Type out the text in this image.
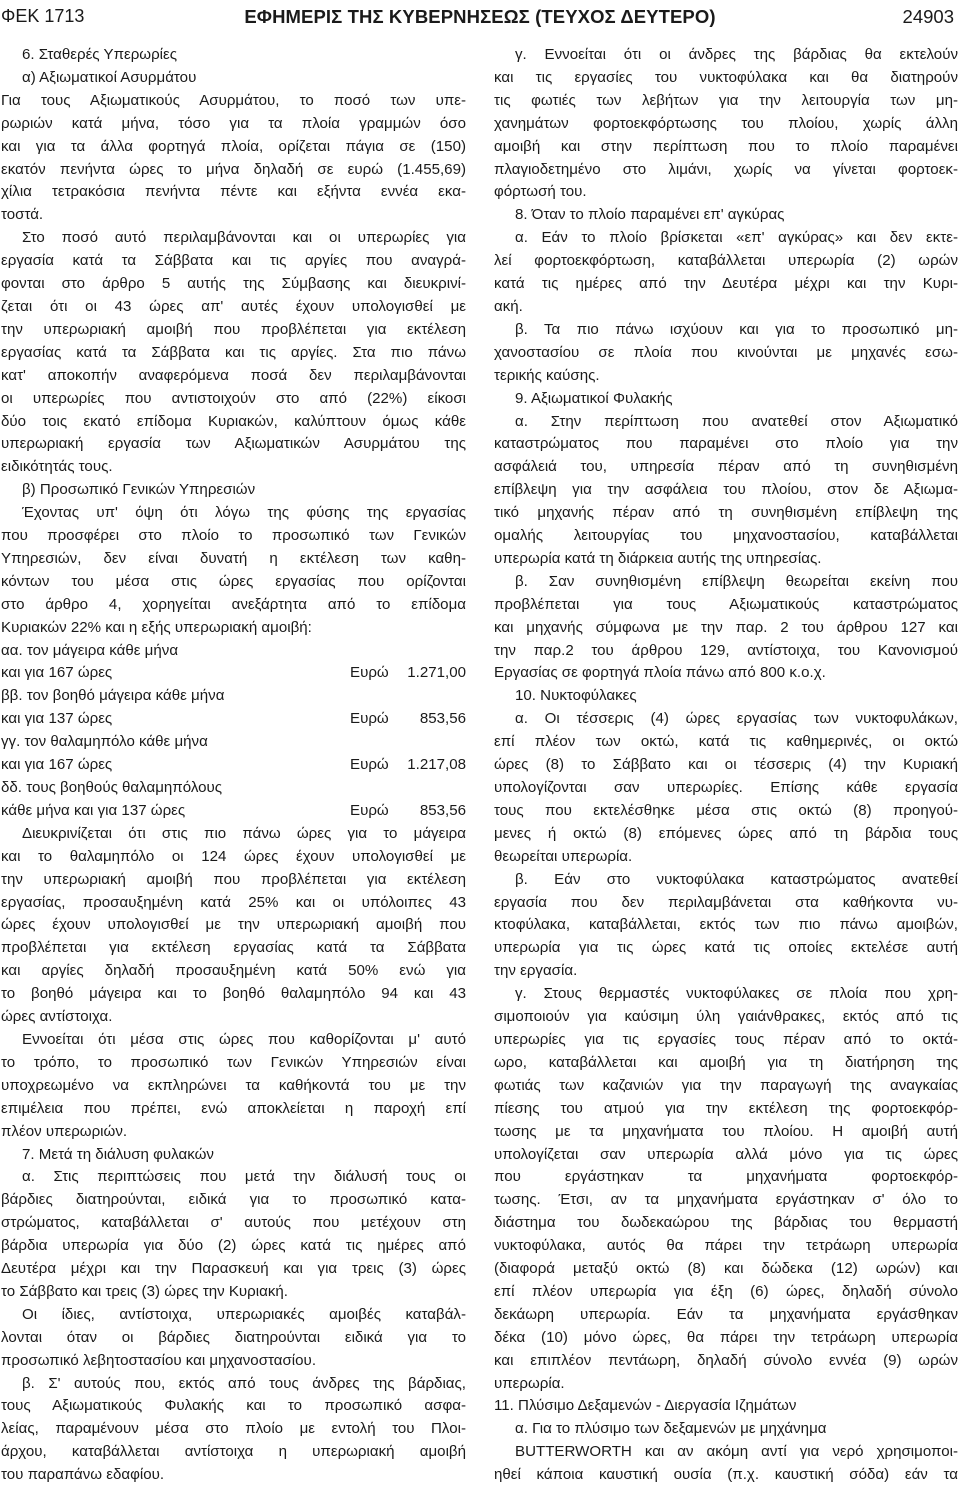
ΦΕΚ 1713	ΕΦΗΜΕΡΙΣ ΤΗΣ ΚΥΒΕΡΝΗΣΕΩΣ (ΤΕΥΧΟΣ ΔΕΥΤΕΡΟ)	24903

6. Σταθερές Υπερωρίες

α) Αξιωματικοί Ασυρμάτου

Για τους Αξιωματικούς Ασυρμάτου, το ποσό των υπε-

ρωριών κατά μήνα, τόσο για τα πλοία γραμμών όσο

και για τα άλλα φορτηγά πλοία, ορίζεται πάγια σε (150)

εκατόν πενήντα ώρες το μήνα δηλαδή σε ευρώ (1.455,69)

χίλια τετρακόσια πενήντα πέντε και εξήντα εννέα εκα-

τοστά.

Στο ποσό αυτό περιλαμβάνονται και οι υπερωρίες για

εργασία κατά τα Σάββατα και τις αργίες που αναγρά-

φονται στο άρθρο 5 αυτής της Σύμβασης και διευκρινί-

ζεται ότι οι 43 ώρες απ' αυτές έχουν υπολογισθεί με

την υπερωριακή αμοιβή που προβλέπεται για εκτέλεση

εργασίας κατά τα Σάββατα και τις αργίες. Στα πιο πάνω

κατ' αποκοπήν αναφερόμενα ποσά δεν περιλαμβάνονται

οι υπερωρίες που αντιστοιχούν στο από (22%) είκοσι

δύο τοις εκατό επίδομα Κυριακών, καλύπτουν όμως κάθε

υπερωριακή εργασία των Αξιωματικών Ασυρμάτου της

ειδικότητάς τους.

β) Προσωπικό Γενικών Υπηρεσιών

Έχοντας υπ' όψη ότι λόγω της φύσης της εργασίας

που προσφέρει στο πλοίο το προσωπικό των Γενικών

Υπηρεσιών, δεν είναι δυνατή η εκτέλεση των καθη-

κόντων του μέσα στις ώρες εργασίας που ορίζονται

στο άρθρο 4, χορηγείται ανεξάρτητα από το επίδομα

Κυριακών 22% και η εξής υπερωριακή αμοιβή:

αα. τον μάγειρα κάθε μήνα

και για 167 ώρες	Ευρώ 1.271,00

ββ. τον βοηθό μάγειρα κάθε μήνα

και για 137 ώρες	Ευρώ 853,56

γγ. τον θαλαμηπόλο κάθε μήνα

και για 167 ώρες	Ευρώ 1.217,08

δδ. τους βοηθούς θαλαμηπόλους

κάθε μήνα και για 137 ώρες	Ευρώ 853,56

Διευκρινίζεται ότι στις πιο πάνω ώρες για το μάγειρα

και το θαλαμηπόλο οι 124 ώρες έχουν υπολογισθεί με

την υπερωριακή αμοιβή που προβλέπεται για εκτέλεση

εργασίας, προσαυξημένη κατά 25% και οι υπόλοιπες 43

ώρες έχουν υπολογισθεί με την υπερωριακή αμοιβή που

προβλέπεται για εκτέλεση εργασίας κατά τα Σάββατα

και αργίες δηλαδή προσαυξημένη κατά 50% ενώ για

το βοηθό μάγειρα και το βοηθό θαλαμηπόλο 94 και 43

ώρες αντίστοιχα.

Εννοείται ότι μέσα στις ώρες που καθορίζονται μ' αυτό

το τρόπο, το προσωπικό των Γενικών Υπηρεσιών είναι

υποχρεωμένο να εκπληρώνει τα καθήκοντά του με την

επιμέλεια που πρέπει, ενώ αποκλείεται η παροχή επί

πλέον υπερωριών.

7. Μετά τη διάλυση φυλακών

α. Στις περιπτώσεις που μετά την διάλυσή τους οι

βάρδιες διατηρούνται, ειδικά για το προσωπικό κατα-

στρώματος, καταβάλλεται σ' αυτούς που μετέχουν στη

βάρδια υπερωρία για δύο (2) ώρες κατά τις ημέρες από

Δευτέρα μέχρι και την Παρασκευή και για τρεις (3) ώρες

το Σάββατο και τρεις (3) ώρες την Κυριακή.

Οι ίδιες, αντίστοιχα, υπερωριακές αμοιβές καταβάλ-

λονται όταν οι βάρδιες διατηρούνται ειδικά για το

προσωπικό λεβητοστασίου και μηχανοστασίου.

β. Σ' αυτούς που, εκτός από τους άνδρες της βάρδιας,

τους Αξιωματικούς Φυλακής και το προσωπικό ασφα-

λείας, παραμένουν μέσα στο πλοίο με εντολή του Πλοι-

άρχου, καταβάλλεται αντίστοιχα η υπερωριακή αμοιβή

του παραπάνω εδαφίου.

γ. Εννοείται ότι οι άνδρες της βάρδιας θα εκτελούν

και τις εργασίες του νυκτοφύλακα και θα διατηρούν

τις φωτιές των λεβήτων για την λειτουργία των μη-

χανημάτων φορτοεκφόρτωσης του πλοίου, χωρίς άλλη

αμοιβή και στην περίπτωση που το πλοίο παραμένει

πλαγιοδετημένο στο λιμάνι, χωρίς να γίνεται φορτοεκ-

φόρτωσή του.

8. Όταν το πλοίο παραμένει επ' αγκύρας

α. Εάν το πλοίο βρίσκεται «επ' αγκύρας» και δεν εκτε-

λεί φορτοεκφόρτωση, καταβάλλεται υπερωρία (2) ωρών

κατά τις ημέρες από την Δευτέρα μέχρι και την Κυρι-

ακή.

β. Τα πιο πάνω ισχύουν και για το προσωπικό μη-

χανοστασίου σε πλοία που κινούνται με μηχανές εσω-

τερικής καύσης.

9. Αξιωματικοί Φυλακής

α. Στην περίπτωση που ανατεθεί στον Αξιωματικό

καταστρώματος που παραμένει στο πλοίο για την

ασφάλειά του, υπηρεσία πέραν από τη συνηθισμένη

επίβλεψη για την ασφάλεια του πλοίου, στον δε Αξιωμα-

τικό μηχανής πέραν από τη συνηθισμένη επίβλεψη της

ομαλής λειτουργίας του μηχανοστασίου, καταβάλλεται

υπερωρία κατά τη διάρκεια αυτής της υπηρεσίας.

β. Σαν συνηθισμένη επίβλεψη θεωρείται εκείνη που

προβλέπεται για τους Αξιωματικούς καταστρώματος

και μηχανής σύμφωνα με την παρ. 2 του άρθρου 127 και

την παρ.2 του άρθρου 129, αντίστοιχα, του Κανονισμού

Εργασίας σε φορτηγά πλοία πάνω από 800 κ.ο.χ.

10. Νυκτοφύλακες

α. Οι τέσσερις (4) ώρες εργασίας των νυκτοφυλάκων,

επί πλέον των οκτώ, κατά τις καθημερινές, οι οκτώ

ώρες (8) το Σάββατο και οι τέσσερις (4) την Κυριακή

υπολογίζονται σαν υπερωρίες. Επίσης κάθε εργασία

τους που εκτελέσθηκε μέσα στις οκτώ (8) προηγού-

μενες ή οκτώ (8) επόμενες ώρες από τη βάρδια τους

θεωρείται υπερωρία.

β. Εάν στο νυκτοφύλακα καταστρώματος ανατεθεί

εργασία που δεν περιλαμβάνεται στα καθήκοντα νυ-

κτοφύλακα, καταβάλλεται, εκτός των πιο πάνω αμοιβών,

υπερωρία για τις ώρες κατά τις οποίες εκτελέσε αυτή

την εργασία.

γ. Στους θερμαστές νυκτοφύλακες σε πλοία που χρη-

σιμοποιούν για καύσιμη ύλη γαιάνθρακες, εκτός από τις

υπερωρίες για τις εργασίες τους πέραν από το οκτά-

ωρο, καταβάλλεται και αμοιβή για τη διατήρηση της

φωτιάς των καζανιών για την παραγωγή της αναγκαίας

πίεσης του ατμού για την εκτέλεση της φορτοεκφόρ-

τωσης με τα μηχανήματα του πλοίου. Η αμοιβή αυτή

υπολογίζεται σαν υπερωρία αλλά μόνο για τις ώρες

που εργάστηκαν τα μηχανήματα φορτοεκφόρ-

τωσης. Έτσι, αν τα μηχανήματα εργάστηκαν σ' όλο το

διάστημα του δωδεκαώρου της βάρδιας του θερμαστή

νυκτοφύλακα, αυτός θα πάρει την τετράωρη υπερωρία

(διαφορά μεταξύ οκτώ (8) και δώδεκα (12) ωρών) και

επί πλέον υπερωρία για έξη (6) ώρες, δηλαδή σύνολο

δεκάωρη υπερωρία. Εάν τα μηχανήματα εργάσθηκαν

δέκα (10) μόνο ώρες, θα πάρει την τετράωρη υπερωρία

και επιπλέον πεντάωρη, δηλαδή σύνολο εννέα (9) ωρών

υπερωρία.

11. Πλύσιμο Δεξαμενών - Διεργασία Ιζημάτων

α. Για το πλύσιμο των δεξαμενών με μηχάνημα

BUTTERWORTH και αν ακόμη αντί για νερό χρησιμοποι-

ηθεί κάποια καυστική ουσία (π.χ. καυστική σόδα) εάν τα
